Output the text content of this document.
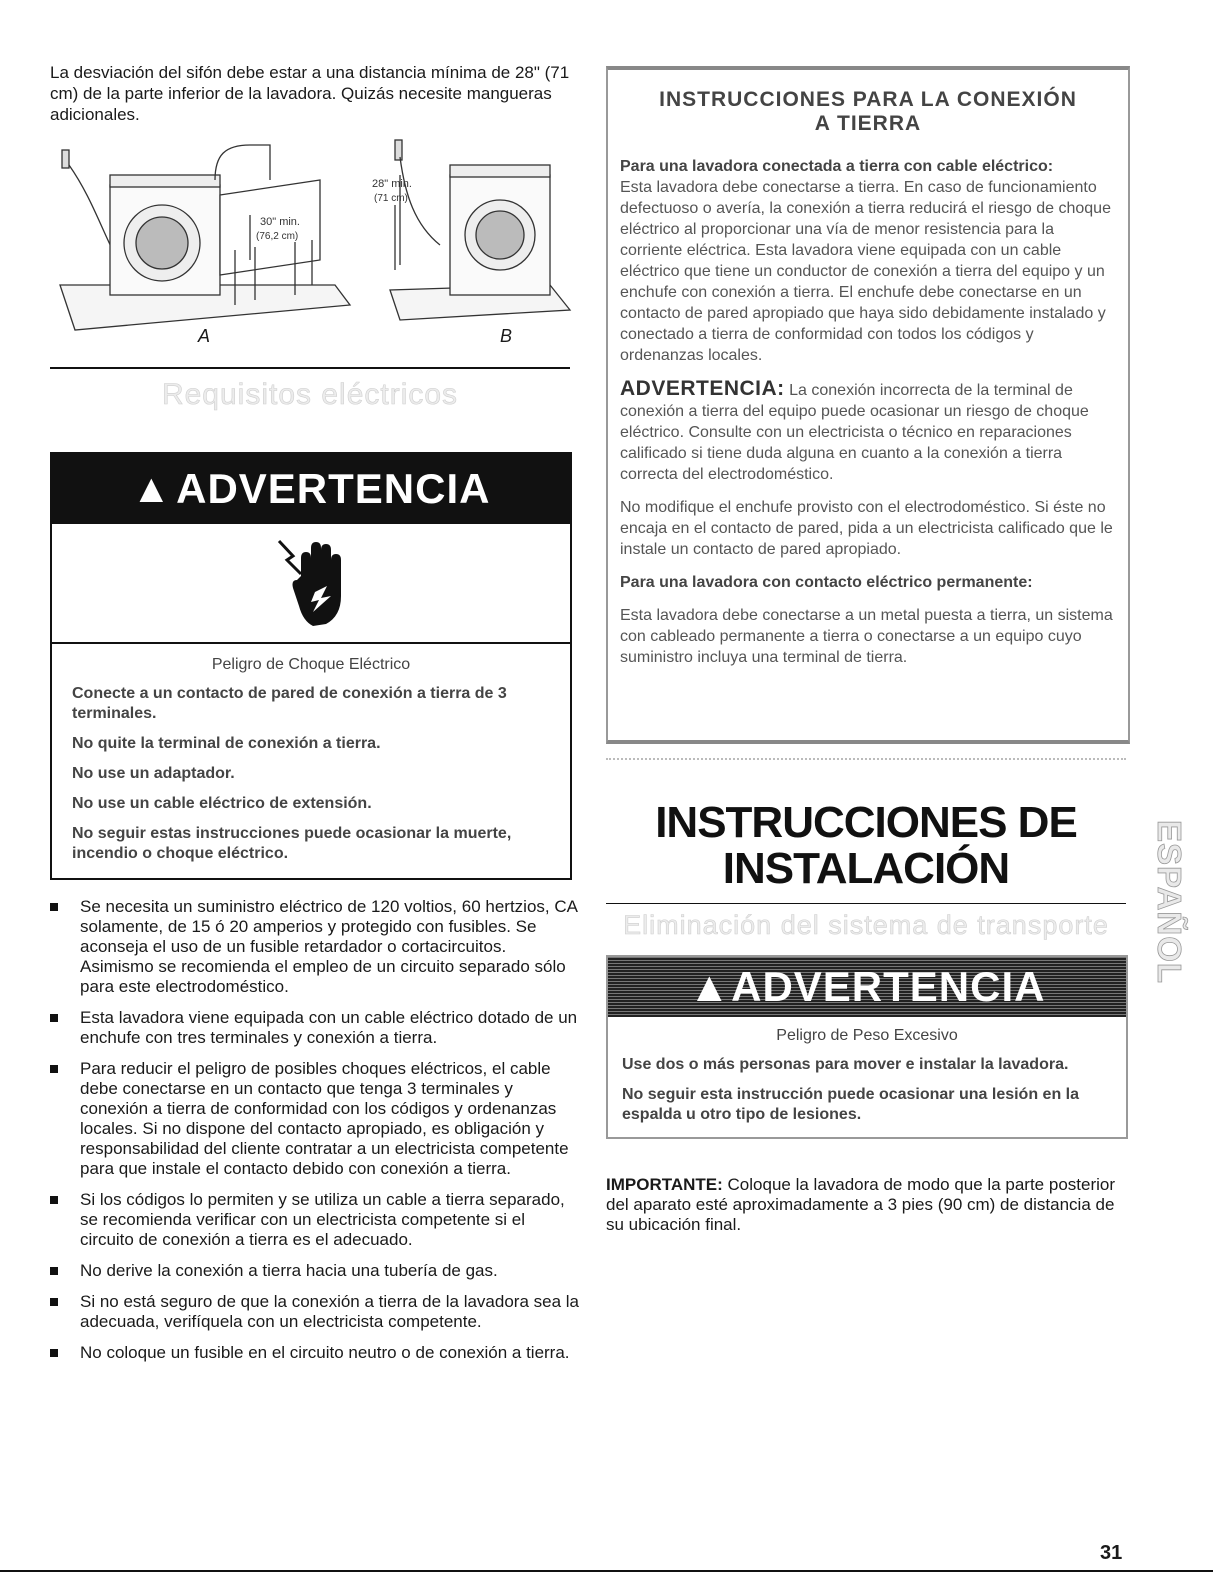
La desviación del sifón debe estar a una distancia mínima de 28" (71 cm) de la parte inferior de la lavadora. Quizás necesite mangueras adicionales.

30" min.
(76,2 cm)
28" min.
(71 cm)
A	B
Requisitos eléctricos
▲ ADVERTENCIA

Peligro de Choque Eléctrico

Conecte a un contacto de pared de conexión a tierra de 3 terminales.

No quite la terminal de conexión a tierra.

No use un adaptador.

No use un cable eléctrico de extensión.

No seguir estas instrucciones puede ocasionar la muerte, incendio o choque eléctrico.

Se necesita un suministro eléctrico de 120 voltios, 60 hertzios, CA solamente, de 15 ó 20 amperios y protegido con fusibles. Se aconseja el uso de un fusible retardador o cortacircuitos. Asimismo se recomienda el empleo de un circuito separado sólo para este electrodoméstico.
Esta lavadora viene equipada con un cable eléctrico dotado de un enchufe con tres terminales y conexión a tierra.
Para reducir el peligro de posibles choques eléctricos, el cable debe conectarse en un contacto que tenga 3 terminales y conexión a tierra de conformidad con los códigos y ordenanzas locales. Si no dispone del contacto apropiado, es obligación y responsabilidad del cliente contratar a un electricista competente para que instale el contacto debido con conexión a tierra.
Si los códigos lo permiten y se utiliza un cable a tierra separado, se recomienda verificar con un electricista competente si el circuito de conexión a tierra es el adecuado.
No derive la conexión a tierra hacia una tubería de gas.
Si no está seguro de que la conexión a tierra de la lavadora sea la adecuada, verifíquela con un electricista competente.
No coloque un fusible en el circuito neutro o de conexión a tierra.
INSTRUCCIONES PARA LA CONEXIÓN
A TIERRA

Para una lavadora conectada a tierra con cable eléctrico:

Esta lavadora debe conectarse a tierra. En caso de funcionamiento defectuoso o avería, la conexión a tierra reducirá el riesgo de choque eléctrico al proporcionar una vía de menor resistencia para la corriente eléctrica. Esta lavadora viene equipada con un cable eléctrico que tiene un conductor de conexión a tierra del equipo y un enchufe con conexión a tierra. El enchufe debe conectarse en un contacto de pared apropiado que haya sido debidamente instalado y conectado a tierra de conformidad con todos los códigos y ordenanzas locales.

ADVERTENCIA: La conexión incorrecta de la terminal de conexión a tierra del equipo puede ocasionar un riesgo de choque eléctrico. Consulte con un electricista o técnico en reparaciones calificado si tiene duda alguna en cuanto a la conexión a tierra correcta del electrodoméstico.

No modifique el enchufe provisto con el electrodoméstico. Si éste no encaja en el contacto de pared, pida a un electricista calificado que le instale un contacto de pared apropiado.

Para una lavadora con contacto eléctrico permanente:

Esta lavadora debe conectarse a un metal puesta a tierra, un sistema con cableado permanente a tierra o conectarse a un equipo cuyo suministro incluya una terminal de tierra.

INSTRUCCIONES DE
INSTALACIÓN
Eliminación del sistema de transporte
▲ ADVERTENCIA

Peligro de Peso Excesivo

Use dos o más personas para mover e instalar la lavadora.

No seguir esta instrucción puede ocasionar una lesión en la espalda u otro tipo de lesiones.

IMPORTANTE: Coloque la lavadora de modo que la parte posterior del aparato esté aproximadamente a 3 pies (90 cm) de distancia de su ubicación final.

ESPAÑOL
31
